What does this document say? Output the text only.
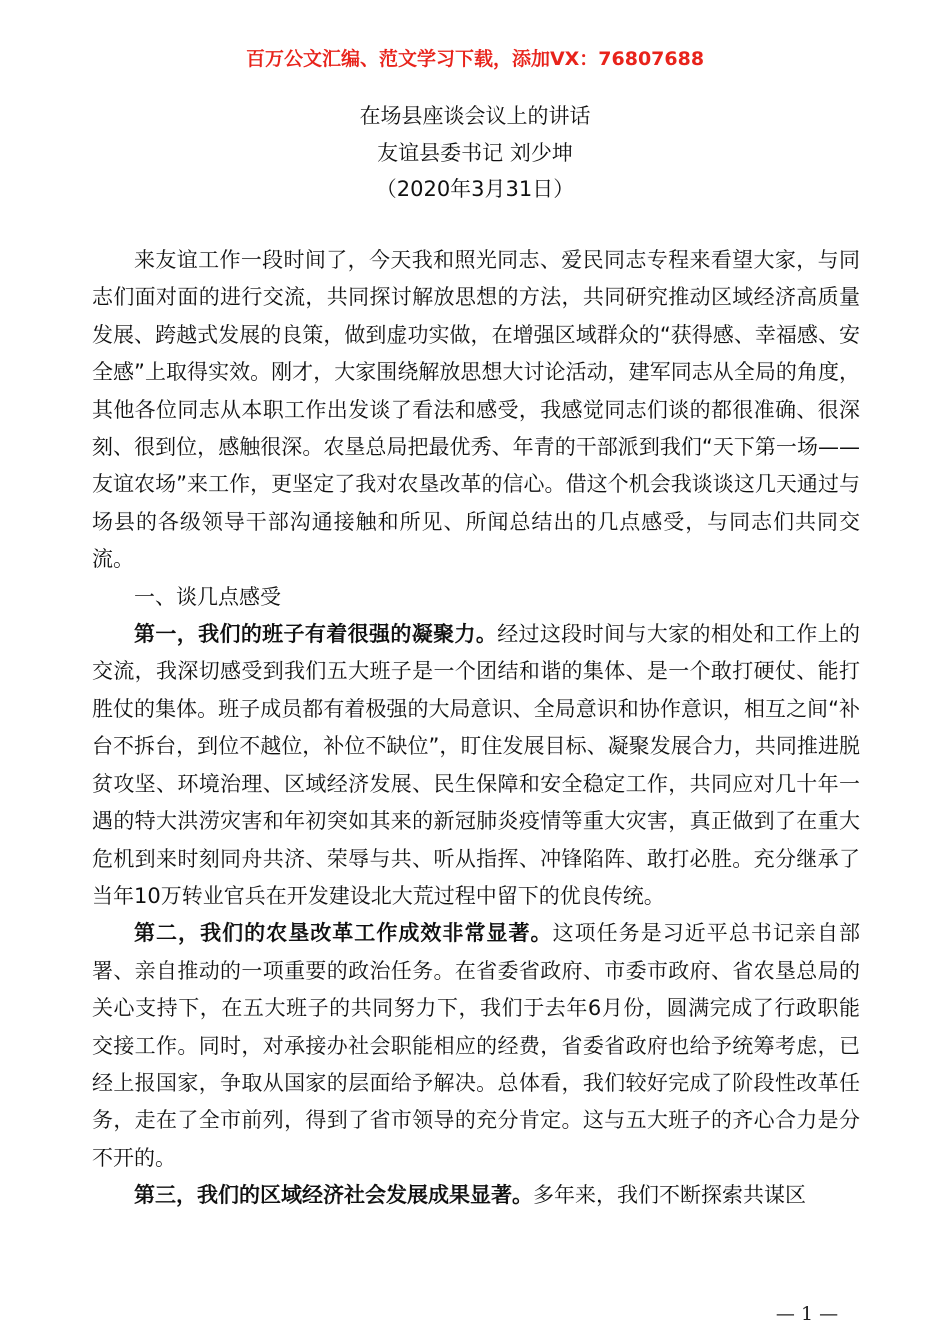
百万公文汇编、范文学习下载，添加VX：76807688
在场县座谈会议上的讲话
友谊县委书记 刘少坤
（2020年3月31日）

来友谊工作一段时间了，今天我和照光同志、爱民同志专程来看望大家，与同志们面对面的进行交流，共同探讨解放思想的方法，共同研究推动区域经济高质量发展、跨越式发展的良策，做到虚功实做，在增强区域群众的“获得感、幸福感、安全感”上取得实效。刚才，大家围绕解放思想大讨论活动，建军同志从全局的角度，其他各位同志从本职工作出发谈了看法和感受，我感觉同志们谈的都很准确、很深刻、很到位，感触很深。农垦总局把最优秀、年青的干部派到我们“天下第一场——友谊农场”来工作，更坚定了我对农垦改革的信心。借这个机会我谈谈这几天通过与场县的各级领导干部沟通接触和所见、所闻总结出的几点感受，与同志们共同交流。

一、谈几点感受

第一，我们的班子有着很强的凝聚力。经过这段时间与大家的相处和工作上的交流，我深切感受到我们五大班子是一个团结和谐的集体、是一个敢打硬仗、能打胜仗的集体。班子成员都有着极强的大局意识、全局意识和协作意识，相互之间“补台不拆台，到位不越位，补位不缺位”，盯住发展目标、凝聚发展合力，共同推进脱贫攻坚、环境治理、区域经济发展、民生保障和安全稳定工作，共同应对几十年一遇的特大洪涝灾害和年初突如其来的新冠肺炎疫情等重大灾害，真正做到了在重大危机到来时刻同舟共济、荣辱与共、听从指挥、冲锋陷阵、敢打必胜。充分继承了当年10万转业官兵在开发建设北大荒过程中留下的优良传统。

第二，我们的农垦改革工作成效非常显著。这项任务是习近平总书记亲自部署、亲自推动的一项重要的政治任务。在省委省政府、市委市政府、省农垦总局的关心支持下，在五大班子的共同努力下，我们于去年6月份，圆满完成了行政职能交接工作。同时，对承接办社会职能相应的经费，省委省政府也给予统筹考虑，已经上报国家，争取从国家的层面给予解决。总体看，我们较好完成了阶段性改革任务，走在了全市前列，得到了省市领导的充分肯定。这与五大班子的齐心合力是分不开的。

第三，我们的区域经济社会发展成果显著。多年来，我们不断探索共谋区

— 1 —
